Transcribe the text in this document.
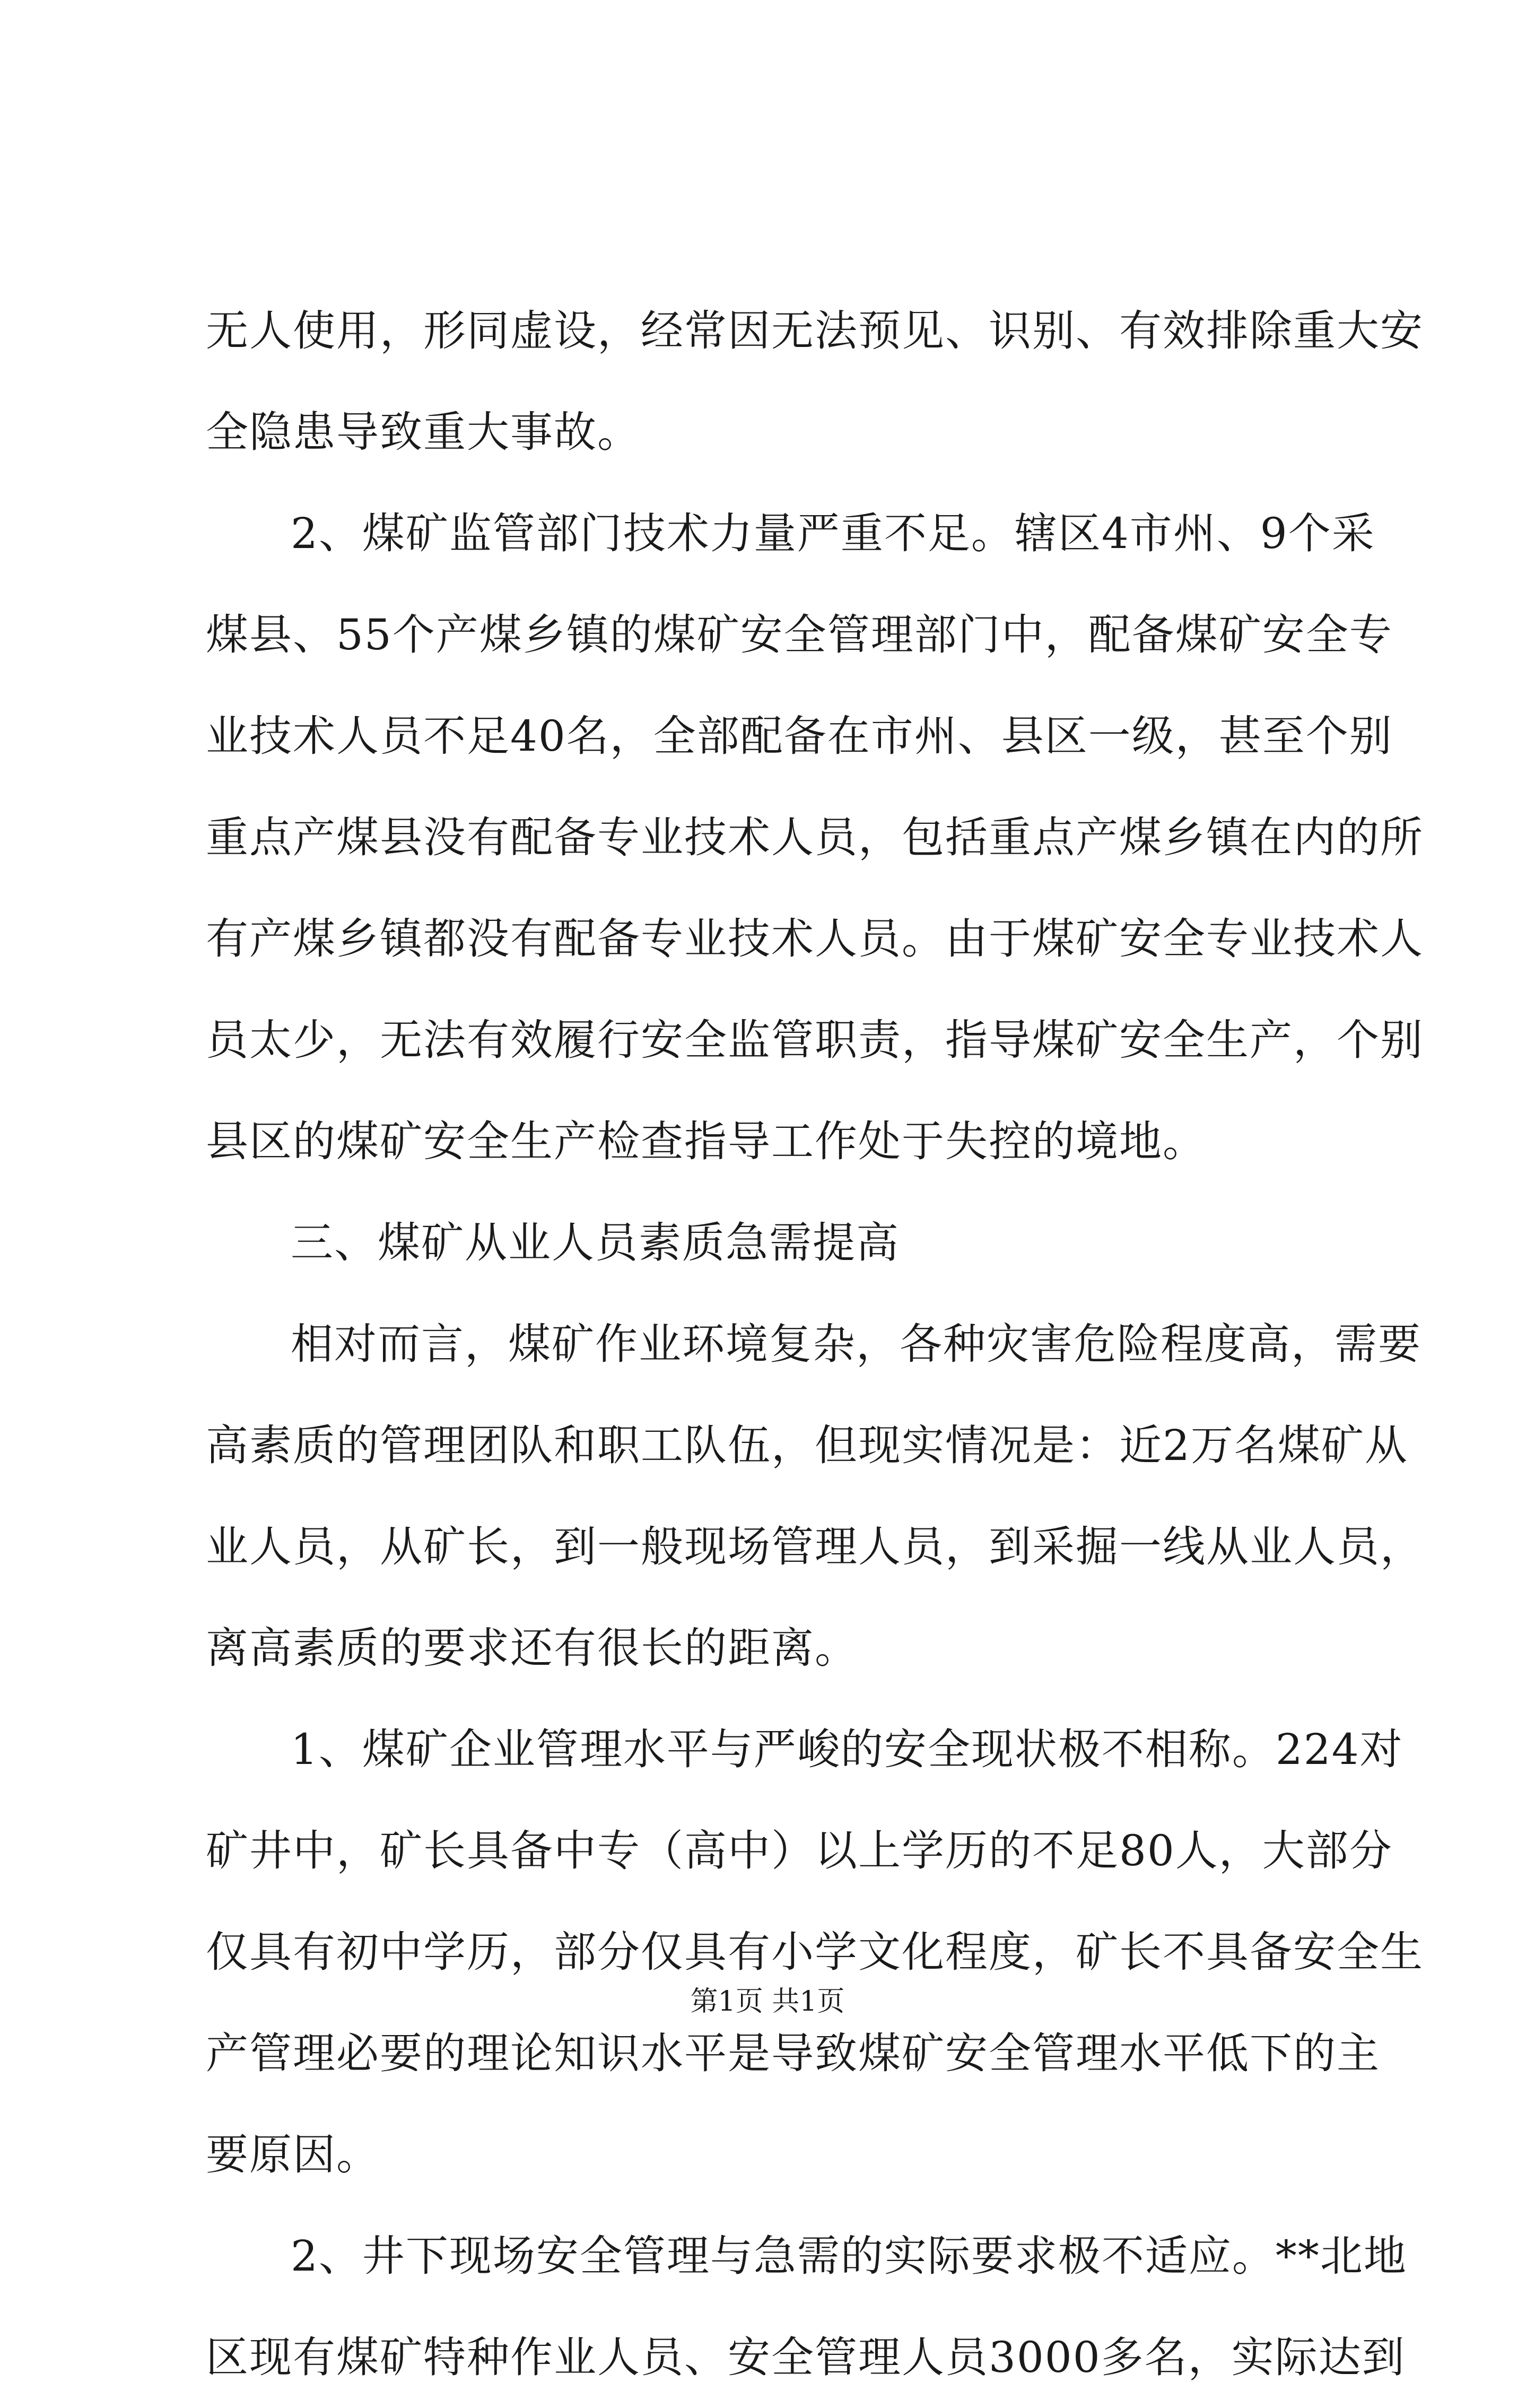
无人使用，形同虚设，经常因无法预见、识别、有效排除重大安
全隐患导致重大事故。
2、煤矿监管部门技术力量严重不足。辖区4市州、9个采
煤县、55个产煤乡镇的煤矿安全管理部门中，配备煤矿安全专
业技术人员不足40名，全部配备在市州、县区一级，甚至个别
重点产煤县没有配备专业技术人员，包括重点产煤乡镇在内的所
有产煤乡镇都没有配备专业技术人员。由于煤矿安全专业技术人
员太少，无法有效履行安全监管职责，指导煤矿安全生产，个别
县区的煤矿安全生产检查指导工作处于失控的境地。
三、煤矿从业人员素质急需提高
相对而言，煤矿作业环境复杂，各种灾害危险程度高，需要
高素质的管理团队和职工队伍，但现实情况是：近2万名煤矿从
业人员，从矿长，到一般现场管理人员，到采掘一线从业人员，
离高素质的要求还有很长的距离。
1、煤矿企业管理水平与严峻的安全现状极不相称。224对
矿井中，矿长具备中专（高中）以上学历的不足80人，大部分
仅具有初中学历，部分仅具有小学文化程度，矿长不具备安全生
产管理必要的理论知识水平是导致煤矿安全管理水平低下的主
要原因。
2、井下现场安全管理与急需的实际要求极不适应。**北地
区现有煤矿特种作业人员、安全管理人员3000多名，实际达到
第1页 共1页
